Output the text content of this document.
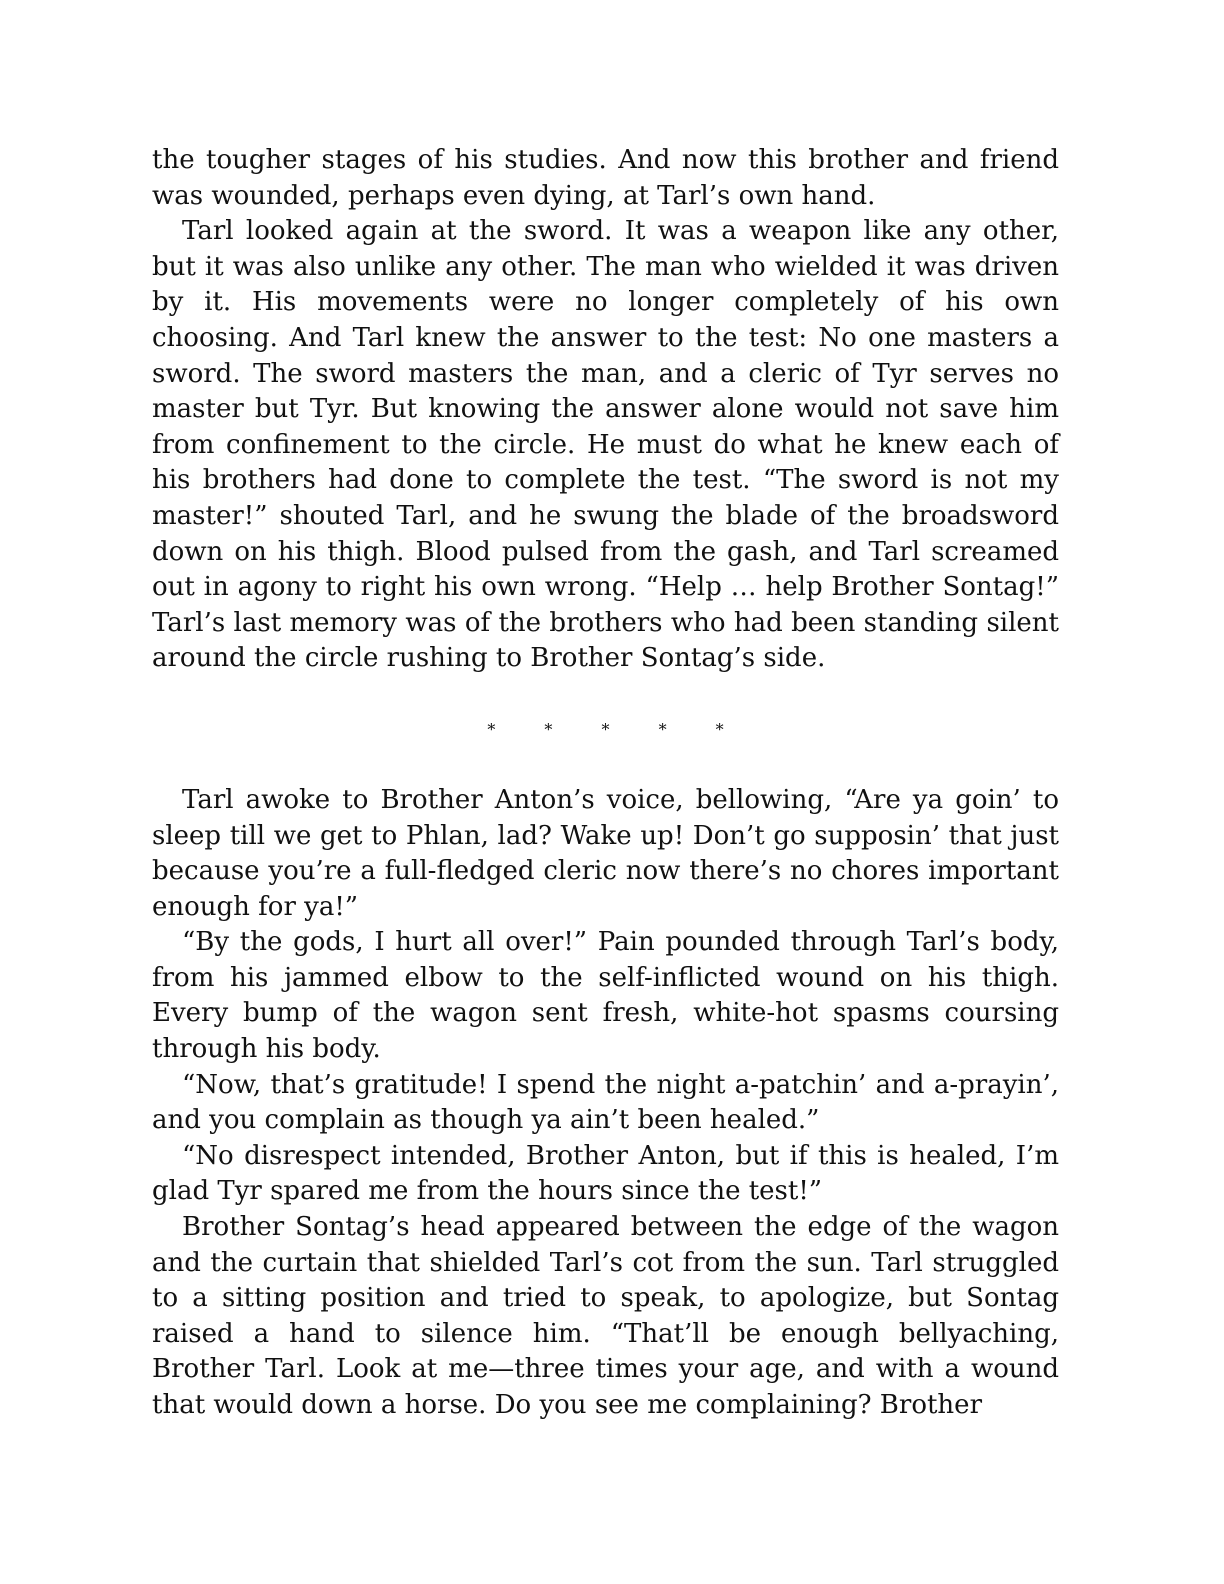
the tougher stages of his studies. And now this brother and friend was wounded, perhaps even dying, at Tarl’s own hand.

Tarl looked again at the sword. It was a weapon like any other, but it was also unlike any other. The man who wielded it was driven by it. His movements were no longer completely of his own choosing. And Tarl knew the answer to the test: No one masters a sword. The sword masters the man, and a cleric of Tyr serves no master but Tyr. But knowing the answer alone would not save him from confinement to the circle. He must do what he knew each of his brothers had done to complete the test. “The sword is not my master!” shouted Tarl, and he swung the blade of the broadsword down on his thigh. Blood pulsed from the gash, and Tarl screamed out in agony to right his own wrong. “Help … help Brother Sontag!” Tarl’s last memory was of the brothers who had been standing silent around the circle rushing to Brother Sontag’s side.

* * * * *

Tarl awoke to Brother Anton’s voice, bellowing, “Are ya goin’ to sleep till we get to Phlan, lad? Wake up! Don’t go supposin’ that just because you’re a full-fledged cleric now there’s no chores important enough for ya!”

“By the gods, I hurt all over!” Pain pounded through Tarl’s body, from his jammed elbow to the self-inflicted wound on his thigh. Every bump of the wagon sent fresh, white-hot spasms coursing through his body.

“Now, that’s gratitude! I spend the night a-patchin’ and a-prayin’, and you complain as though ya ain’t been healed.”

“No disrespect intended, Brother Anton, but if this is healed, I’m glad Tyr spared me from the hours since the test!”

Brother Sontag’s head appeared between the edge of the wagon and the curtain that shielded Tarl’s cot from the sun. Tarl struggled to a sitting position and tried to speak, to apologize, but Sontag raised a hand to silence him. “That’ll be enough bellyaching, Brother Tarl. Look at me—three times your age, and with a wound that would down a horse. Do you see me complaining? Brother
